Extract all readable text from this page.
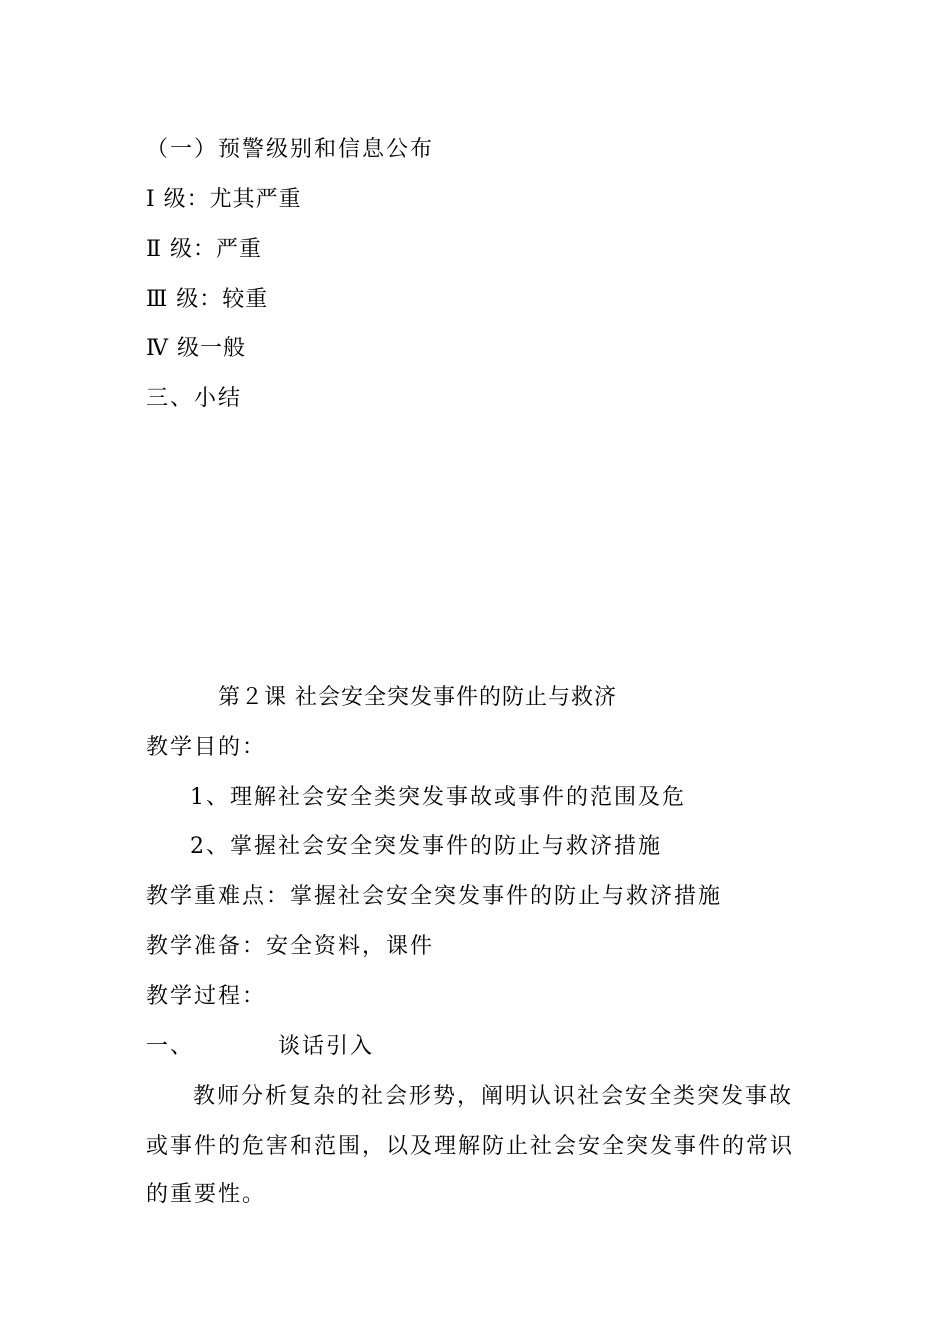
（一）预警级别和信息公布
Ⅰ 级：尤其严重
Ⅱ 级：严重
Ⅲ 级：较重
Ⅳ 级一般
三、小结
第２课 社会安全突发事件的防止与救济
教学目的：
1、理解社会安全类突发事故或事件的范围及危
2、掌握社会安全突发事件的防止与救济措施
教学重难点：掌握社会安全突发事件的防止与救济措施
教学准备：安全资料，课件
教学过程：
一、	谈话引入
教师分析复杂的社会形势，阐明认识社会安全类突发事故
或事件的危害和范围，以及理解防止社会安全突发事件的常识
的重要性。
